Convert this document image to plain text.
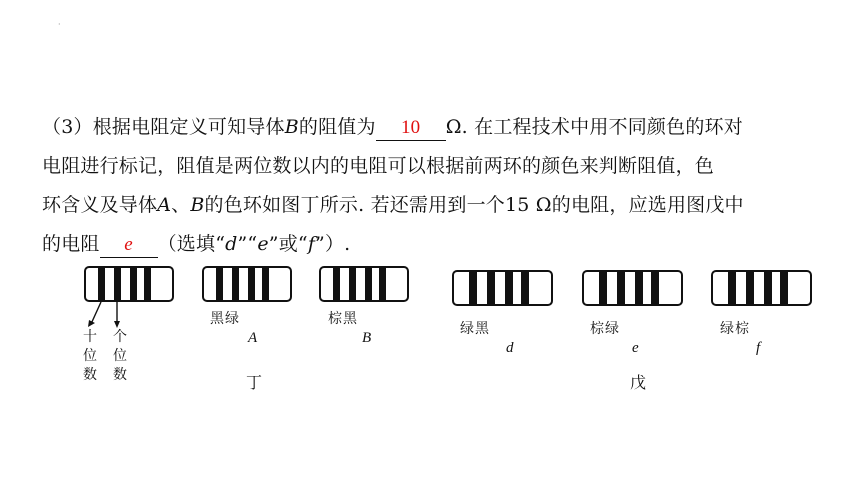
·
（3）根据电阻定义可知导体B的阻值为 10 Ω. 在工程技术中用不同颜色的环对
电阻进行标记，阻值是两位数以内的电阻可以根据前两环的颜色来判断阻值，色
环含义及导体A、B的色环如图丁所示. 若还需用到一个15 Ω的电阻，应选用图戊中
的电阻 e （选填“d”“e”或“f”）.
十位数
个位数
黑绿
A
棕黑
B
丁
绿黑
d
棕绿
e
绿棕
f
戊
